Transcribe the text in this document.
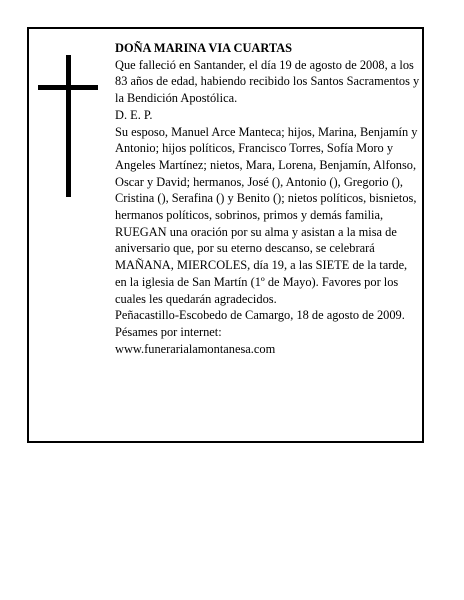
DOÑA MARINA VIA CUARTAS

Que falleció en Santander, el día 19 de agosto de 2008, a los 83 años de edad, habiendo recibido los Santos Sacramentos y la Bendición Apostólica.

D. E. P.

Su esposo, Manuel Arce Manteca; hijos, Marina, Benjamín y Antonio; hijos políticos, Francisco Torres, Sofía Moro y Angeles Martínez; nietos, Mara, Lorena, Benjamín, Alfonso, Oscar y David; hermanos, José (), Antonio (), Gregorio (), Cristina (), Serafina () y Benito (); nietos políticos, bisnietos, hermanos políticos, sobrinos, primos y demás familia,

RUEGAN una oración por su alma y asistan a la misa de aniversario que, por su eterno descanso, se celebrará MAÑANA, MIERCOLES, día 19, a las SIETE de la tarde, en la iglesia de San Martín (1º de Mayo). Favores por los cuales les quedarán agradecidos.

Peñacastillo-Escobedo de Camargo, 18 de agosto de 2009.

Pésames por internet:

www.funerarialamontanesa.com
